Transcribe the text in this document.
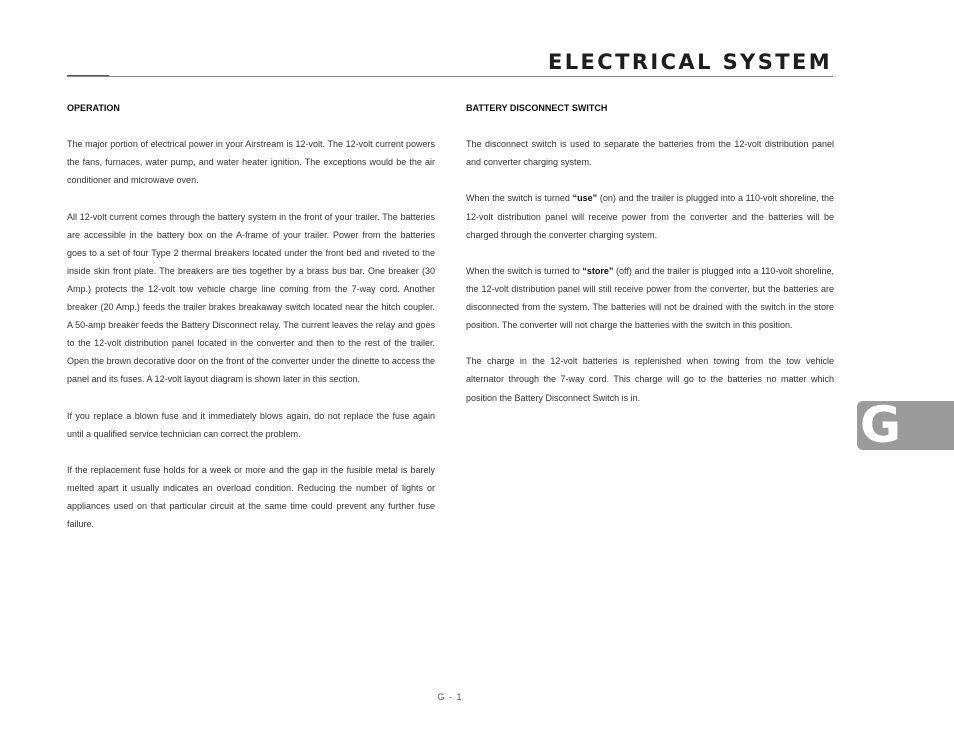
ELECTRICAL SYSTEM
OPERATION

The major portion of electrical power in your Airstream is 12-volt. The 12-volt current powers the fans, furnaces, water pump, and water heater ignition. The exceptions would be the air conditioner and microwave oven.

All 12-volt current comes through the battery system in the front of your trailer. The batteries are accessible in the battery box on the A-frame of your trailer. Power from the batteries goes to a set of four Type 2 thermal breakers located under the front bed and riveted to the inside skin front plate. The breakers are ties together by a brass bus bar. One breaker (30 Amp.) protects the 12-volt tow vehicle charge line coming from the 7-way cord. Another breaker (20 Amp.) feeds the trailer brakes breakaway switch located near the hitch coupler. A 50-amp breaker feeds the Battery Disconnect relay. The current leaves the relay and goes to the 12-volt distribution panel located in the converter and then to the rest of the trailer. Open the brown decorative door on the front of the converter under the dinette to access the panel and its fuses. A 12-volt layout diagram is shown later in this section.

If you replace a blown fuse and it immediately blows again, do not replace the fuse again until a qualified service technician can correct the problem.

If the replacement fuse holds for a week or more and the gap in the fusible metal is barely melted apart it usually indicates an overload condition. Reducing the number of lights or appliances used on that particular circuit at the same time could prevent any further fuse failure.

BATTERY DISCONNECT SWITCH

The disconnect switch is used to separate the batteries from the 12-volt distribution panel and converter charging system.

When the switch is turned “use” (on) and the trailer is plugged into a 110-volt shoreline, the 12-volt distribution panel will receive power from the converter and the batteries will be charged through the converter charging system.

When the switch is turned to “store” (off) and the trailer is plugged into a 110-volt shoreline, the 12-volt distribution panel will still receive power from the converter, but the batteries are disconnected from the system. The batteries will not be drained with the switch in the store position. The converter will not charge the batteries with the switch in this position.

The charge in the 12-volt batteries is replenished when towing from the tow vehicle alternator through the 7-way cord. This charge will go to the batteries no matter which position the Battery Disconnect Switch is in.	G
G - 1
